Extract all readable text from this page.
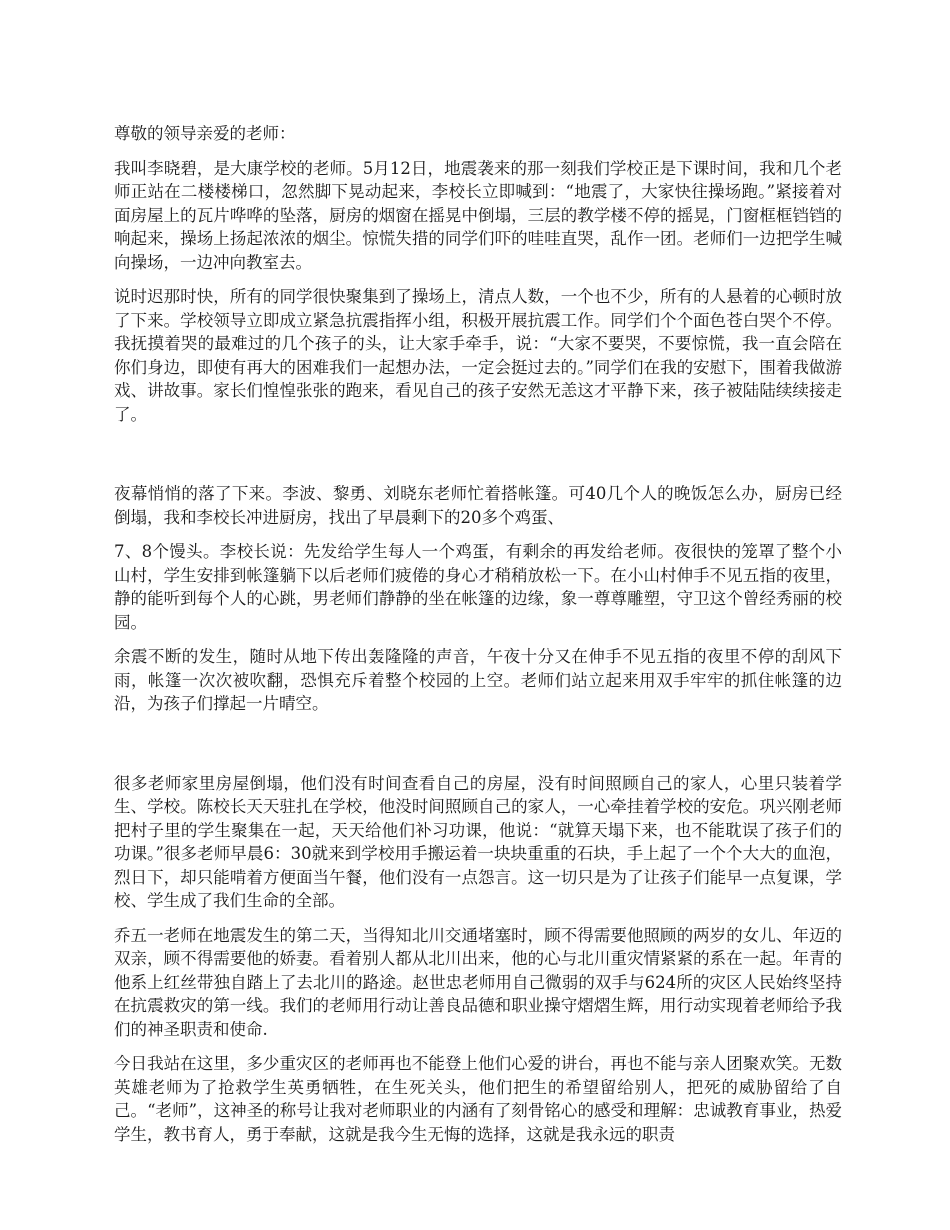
尊敬的领导亲爱的老师：

我叫李晓碧，是大康学校的老师。5月12日，地震袭来的那一刻我们学校正是下课时间，我和几个老师正站在二楼楼梯口，忽然脚下晃动起来，李校长立即喊到：“地震了，大家快往操场跑。”紧接着对面房屋上的瓦片哗哗的坠落，厨房的烟窗在摇晃中倒塌，三层的教学楼不停的摇晃，门窗框框铛铛的响起来，操场上扬起浓浓的烟尘。惊慌失措的同学们吓的哇哇直哭，乱作一团。老师们一边把学生喊向操场，一边冲向教室去。

说时迟那时快，所有的同学很快聚集到了操场上，清点人数，一个也不少，所有的人悬着的心顿时放了下来。学校领导立即成立紧急抗震指挥小组，积极开展抗震工作。同学们个个面色苍白哭个不停。我抚摸着哭的最难过的几个孩子的头，让大家手牵手，说：“大家不要哭，不要惊慌，我一直会陪在你们身边，即使有再大的困难我们一起想办法，一定会挺过去的。”同学们在我的安慰下，围着我做游戏、讲故事。家长们惶惶张张的跑来，看见自己的孩子安然无恙这才平静下来，孩子被陆陆续续接走了。

夜幕悄悄的落了下来。李波、黎勇、刘晓东老师忙着搭帐篷。可40几个人的晚饭怎么办，厨房已经倒塌，我和李校长冲进厨房，找出了早晨剩下的20多个鸡蛋、

7、8个馒头。李校长说：先发给学生每人一个鸡蛋，有剩余的再发给老师。夜很快的笼罩了整个小山村，学生安排到帐篷躺下以后老师们疲倦的身心才稍稍放松一下。在小山村伸手不见五指的夜里，静的能听到每个人的心跳，男老师们静静的坐在帐篷的边缘，象一尊尊雕塑，守卫这个曾经秀丽的校园。

余震不断的发生，随时从地下传出轰隆隆的声音，午夜十分又在伸手不见五指的夜里不停的刮风下雨，帐篷一次次被吹翻，恐惧充斥着整个校园的上空。老师们站立起来用双手牢牢的抓住帐篷的边沿，为孩子们撑起一片晴空。

很多老师家里房屋倒塌，他们没有时间查看自己的房屋，没有时间照顾自己的家人，心里只装着学生、学校。陈校长天天驻扎在学校，他没时间照顾自己的家人，一心牵挂着学校的安危。巩兴刚老师把村子里的学生聚集在一起，天天给他们补习功课，他说：“就算天塌下来，也不能耽误了孩子们的功课。”很多老师早晨6：30就来到学校用手搬运着一块块重重的石块，手上起了一个个大大的血泡，烈日下，却只能啃着方便面当午餐，他们没有一点怨言。这一切只是为了让孩子们能早一点复课，学校、学生成了我们生命的全部。

乔五一老师在地震发生的第二天，当得知北川交通堵塞时，顾不得需要他照顾的两岁的女儿、年迈的双亲，顾不得需要他的娇妻。看着别人都从北川出来，他的心与北川重灾情紧紧的系在一起。年青的他系上红丝带独自踏上了去北川的路途。赵世忠老师用自己微弱的双手与624所的灾区人民始终坚持在抗震救灾的第一线。我们的老师用行动让善良品德和职业操守熠熠生辉，用行动实现着老师给予我们的神圣职责和使命.

今日我站在这里，多少重灾区的老师再也不能登上他们心爱的讲台，再也不能与亲人团聚欢笑。无数英雄老师为了抢救学生英勇牺牲，在生死关头，他们把生的希望留给别人，把死的威胁留给了自己。“老师”，这神圣的称号让我对老师职业的内涵有了刻骨铭心的感受和理解：忠诚教育事业，热爱学生，教书育人，勇于奉献，这就是我今生无悔的选择，这就是我永远的职责
